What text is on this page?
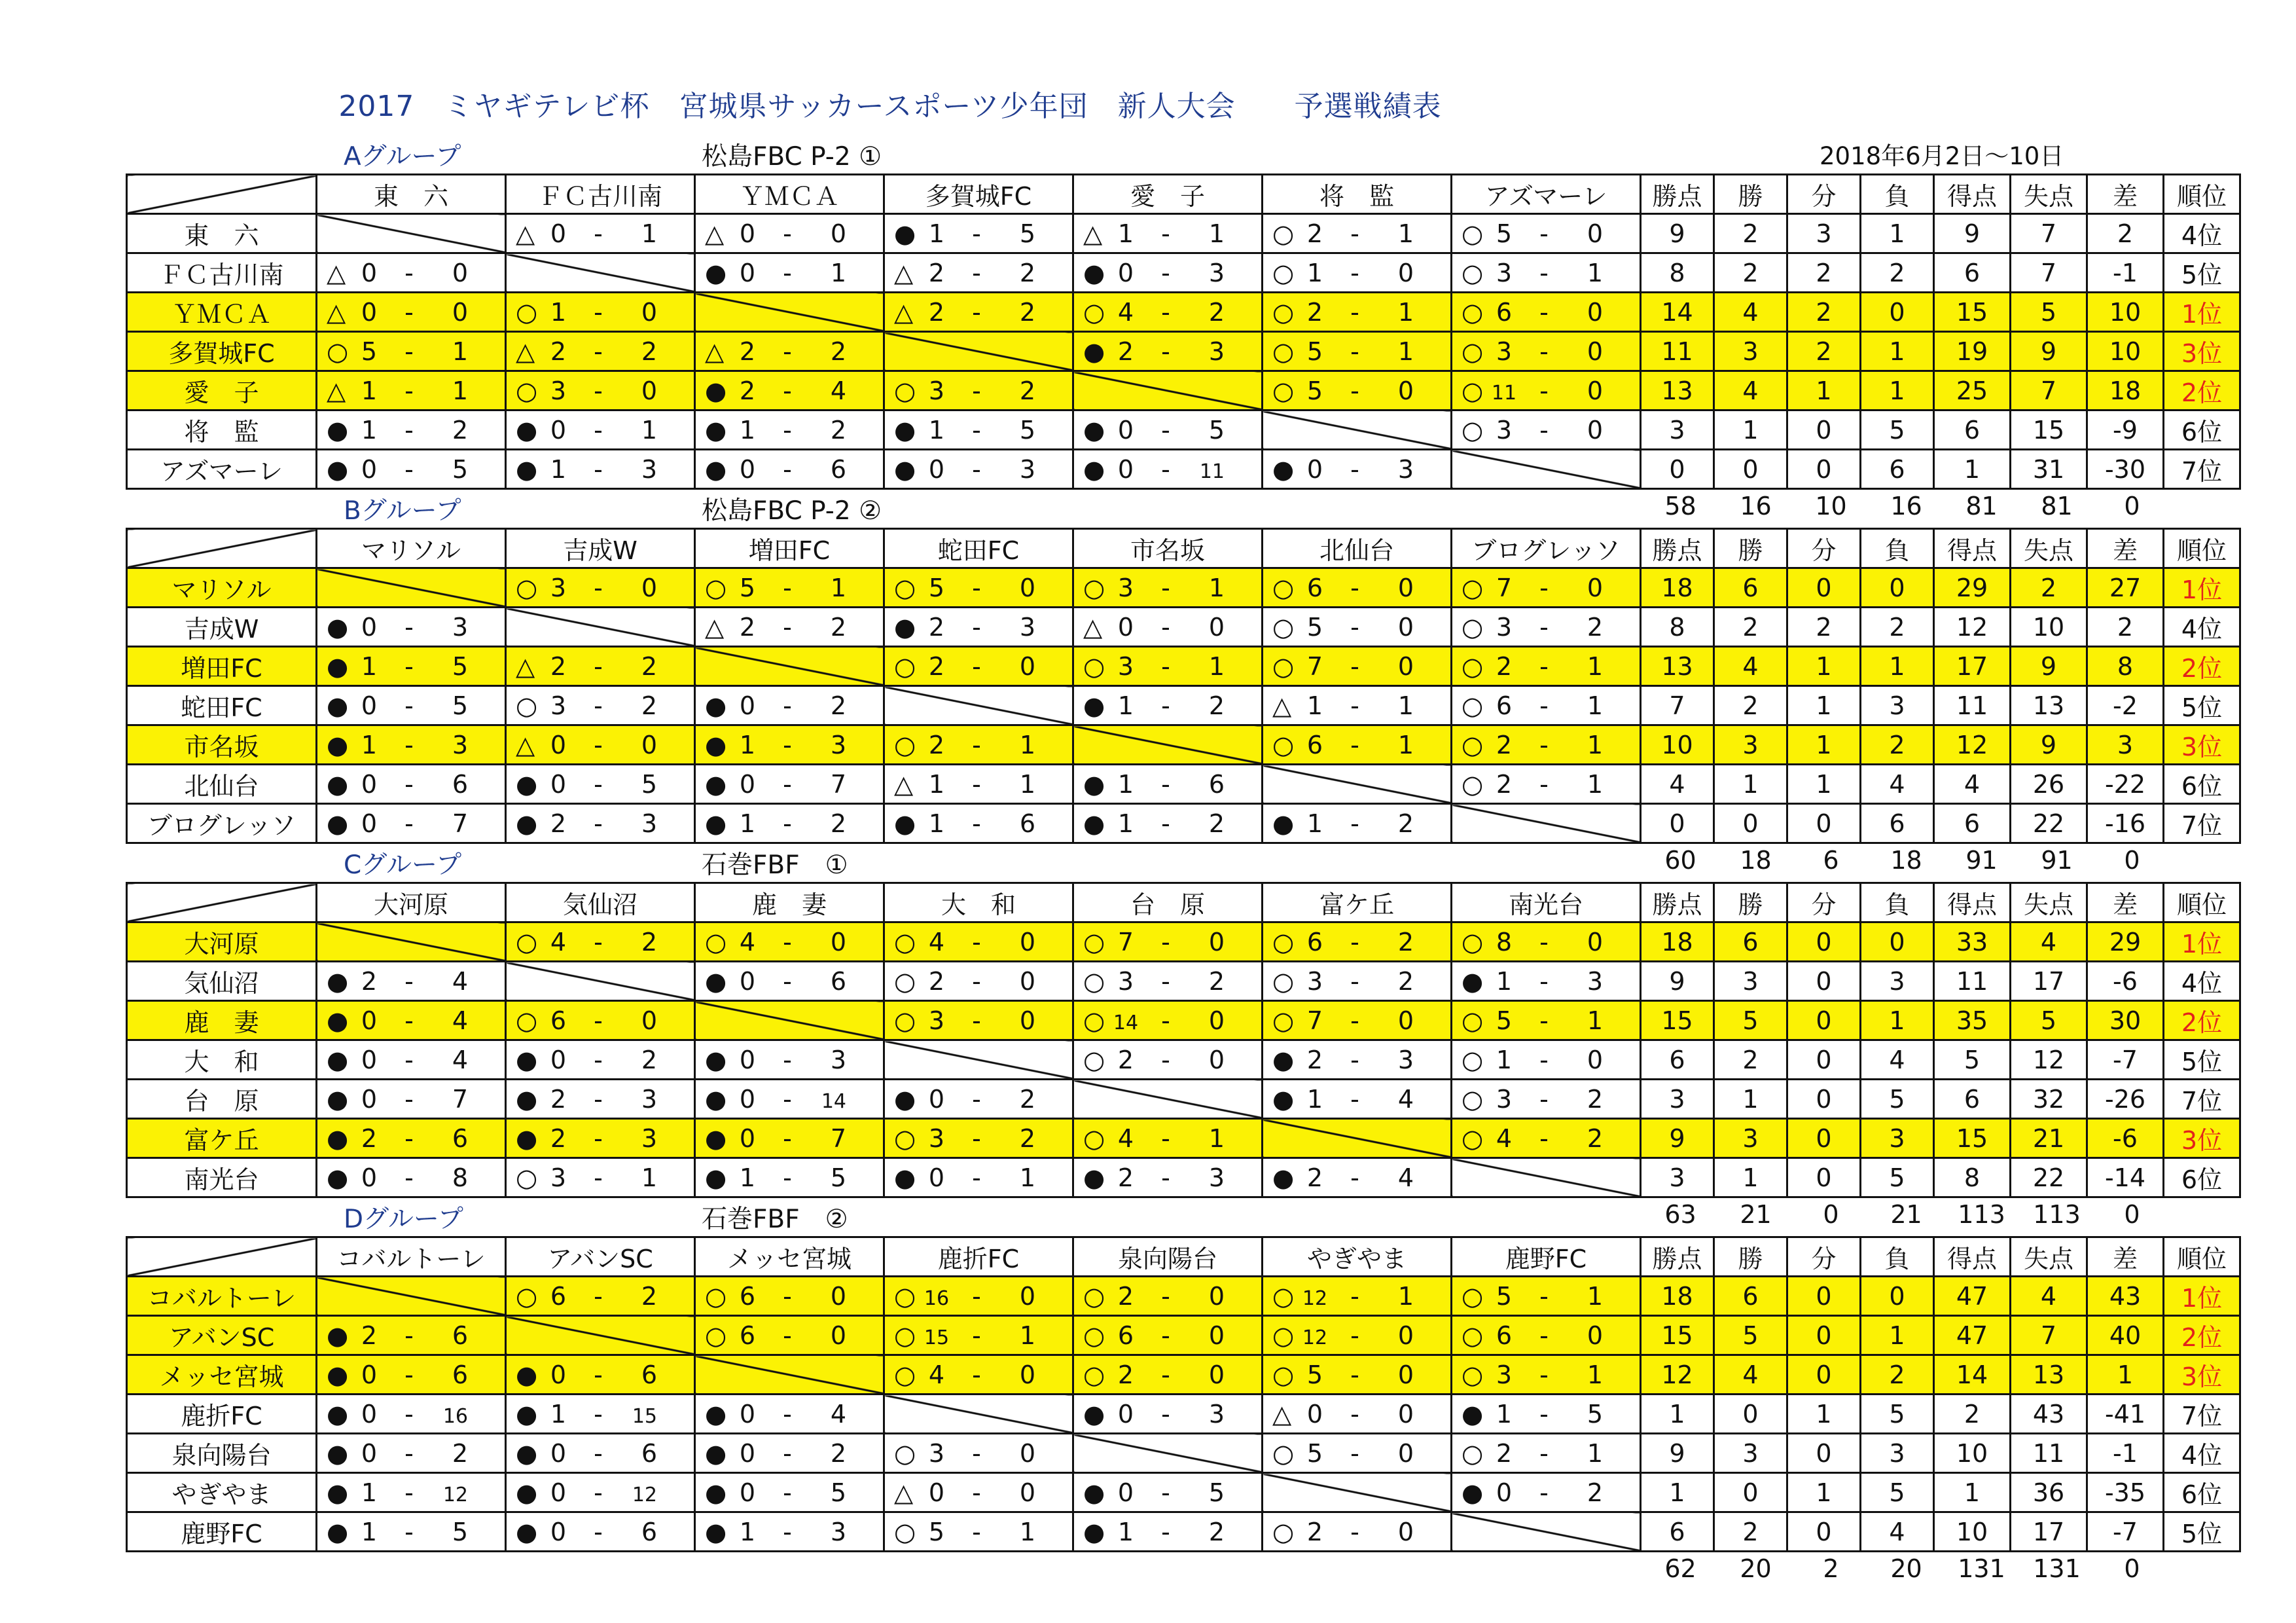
2017　ミヤギテレビ杯　宮城県サッカースポーツ少年団　新人大会　　予選戦績表
2018年6月2日～10日
Aグループ	松島FBC P-2 ①
	東　六	ＦＣ古川南	ＹＭＣＡ	多賀城FC	愛　子	将　監	アズマーレ	勝点	勝	分	負	得点	失点	差	順位
東　六		△ 0 - 1	△ 0 - 0	● 1 - 5	△ 1 - 1	○ 2 - 1	○ 5 - 0	9	2	3	1	9	7	2	4位
ＦＣ古川南	△ 0 - 0		● 0 - 1	△ 2 - 2	● 0 - 3	○ 1 - 0	○ 3 - 1	8	2	2	2	6	7	-1	5位
ＹＭＣＡ	△ 0 - 0	○ 1 - 0		△ 2 - 2	○ 4 - 2	○ 2 - 1	○ 6 - 0	14	4	2	0	15	5	10	1位
多賀城FC	○ 5 - 1	△ 2 - 2	△ 2 - 2		● 2 - 3	○ 5 - 1	○ 3 - 0	11	3	2	1	19	9	10	3位
愛　子	△ 1 - 1	○ 3 - 0	● 2 - 4	○ 3 - 2		○ 5 - 0	○ 11 - 0	13	4	1	1	25	7	18	2位
将　監	● 1 - 2	● 0 - 1	● 1 - 2	● 1 - 5	● 0 - 5		○ 3 - 0	3	1	0	5	6	15	-9	6位
アズマーレ	● 0 - 5	● 1 - 3	● 0 - 6	● 0 - 3	● 0 - 11	● 0 - 3		0	0	0	6	1	31	-30	7位
58	16	10	16	81	81	0
Bグループ	松島FBC P-2 ②
	マリソル	吉成W	増田FC	蛇田FC	市名坂	北仙台	ブログレッソ	勝点	勝	分	負	得点	失点	差	順位
マリソル		○ 3 - 0	○ 5 - 1	○ 5 - 0	○ 3 - 1	○ 6 - 0	○ 7 - 0	18	6	0	0	29	2	27	1位
吉成W	● 0 - 3		△ 2 - 2	● 2 - 3	△ 0 - 0	○ 5 - 0	○ 3 - 2	8	2	2	2	12	10	2	4位
増田FC	● 1 - 5	△ 2 - 2		○ 2 - 0	○ 3 - 1	○ 7 - 0	○ 2 - 1	13	4	1	1	17	9	8	2位
蛇田FC	● 0 - 5	○ 3 - 2	● 0 - 2		● 1 - 2	△ 1 - 1	○ 6 - 1	7	2	1	3	11	13	-2	5位
市名坂	● 1 - 3	△ 0 - 0	● 1 - 3	○ 2 - 1		○ 6 - 1	○ 2 - 1	10	3	1	2	12	9	3	3位
北仙台	● 0 - 6	● 0 - 5	● 0 - 7	△ 1 - 1	● 1 - 6		○ 2 - 1	4	1	1	4	4	26	-22	6位
ブログレッソ	● 0 - 7	● 2 - 3	● 1 - 2	● 1 - 6	● 1 - 2	● 1 - 2		0	0	0	6	6	22	-16	7位
60	18	6	18	91	91	0
Cグループ	石巻FBF　①
	大河原	気仙沼	鹿　妻	大　和	台　原	富ケ丘	南光台	勝点	勝	分	負	得点	失点	差	順位
大河原		○ 4 - 2	○ 4 - 0	○ 4 - 0	○ 7 - 0	○ 6 - 2	○ 8 - 0	18	6	0	0	33	4	29	1位
気仙沼	● 2 - 4		● 0 - 6	○ 2 - 0	○ 3 - 2	○ 3 - 2	● 1 - 3	9	3	0	3	11	17	-6	4位
鹿　妻	● 0 - 4	○ 6 - 0		○ 3 - 0	○ 14 - 0	○ 7 - 0	○ 5 - 1	15	5	0	1	35	5	30	2位
大　和	● 0 - 4	● 0 - 2	● 0 - 3		○ 2 - 0	● 2 - 3	○ 1 - 0	6	2	0	4	5	12	-7	5位
台　原	● 0 - 7	● 2 - 3	● 0 - 14	● 0 - 2		● 1 - 4	○ 3 - 2	3	1	0	5	6	32	-26	7位
富ケ丘	● 2 - 6	● 2 - 3	● 0 - 7	○ 3 - 2	○ 4 - 1		○ 4 - 2	9	3	0	3	15	21	-6	3位
南光台	● 0 - 8	○ 3 - 1	● 1 - 5	● 0 - 1	● 2 - 3	● 2 - 4		3	1	0	5	8	22	-14	6位
63	21	0	21	113	113	0
Dグループ	石巻FBF　②
	コバルトーレ	アバンSC	メッセ宮城	鹿折FC	泉向陽台	やぎやま	鹿野FC	勝点	勝	分	負	得点	失点	差	順位
コバルトーレ		○ 6 - 2	○ 6 - 0	○ 16 - 0	○ 2 - 0	○ 12 - 1	○ 5 - 1	18	6	0	0	47	4	43	1位
アバンSC	● 2 - 6		○ 6 - 0	○ 15 - 1	○ 6 - 0	○ 12 - 0	○ 6 - 0	15	5	0	1	47	7	40	2位
メッセ宮城	● 0 - 6	● 0 - 6		○ 4 - 0	○ 2 - 0	○ 5 - 0	○ 3 - 1	12	4	0	2	14	13	1	3位
鹿折FC	● 0 - 16	● 1 - 15	● 0 - 4		● 0 - 3	△ 0 - 0	● 1 - 5	1	0	1	5	2	43	-41	7位
泉向陽台	● 0 - 2	● 0 - 6	● 0 - 2	○ 3 - 0		○ 5 - 0	○ 2 - 1	9	3	0	3	10	11	-1	4位
やぎやま	● 1 - 12	● 0 - 12	● 0 - 5	△ 0 - 0	● 0 - 5		● 0 - 2	1	0	1	5	1	36	-35	6位
鹿野FC	● 1 - 5	● 0 - 6	● 1 - 3	○ 5 - 1	● 1 - 2	○ 2 - 0		6	2	0	4	10	17	-7	5位
62	20	2	20	131	131	0
